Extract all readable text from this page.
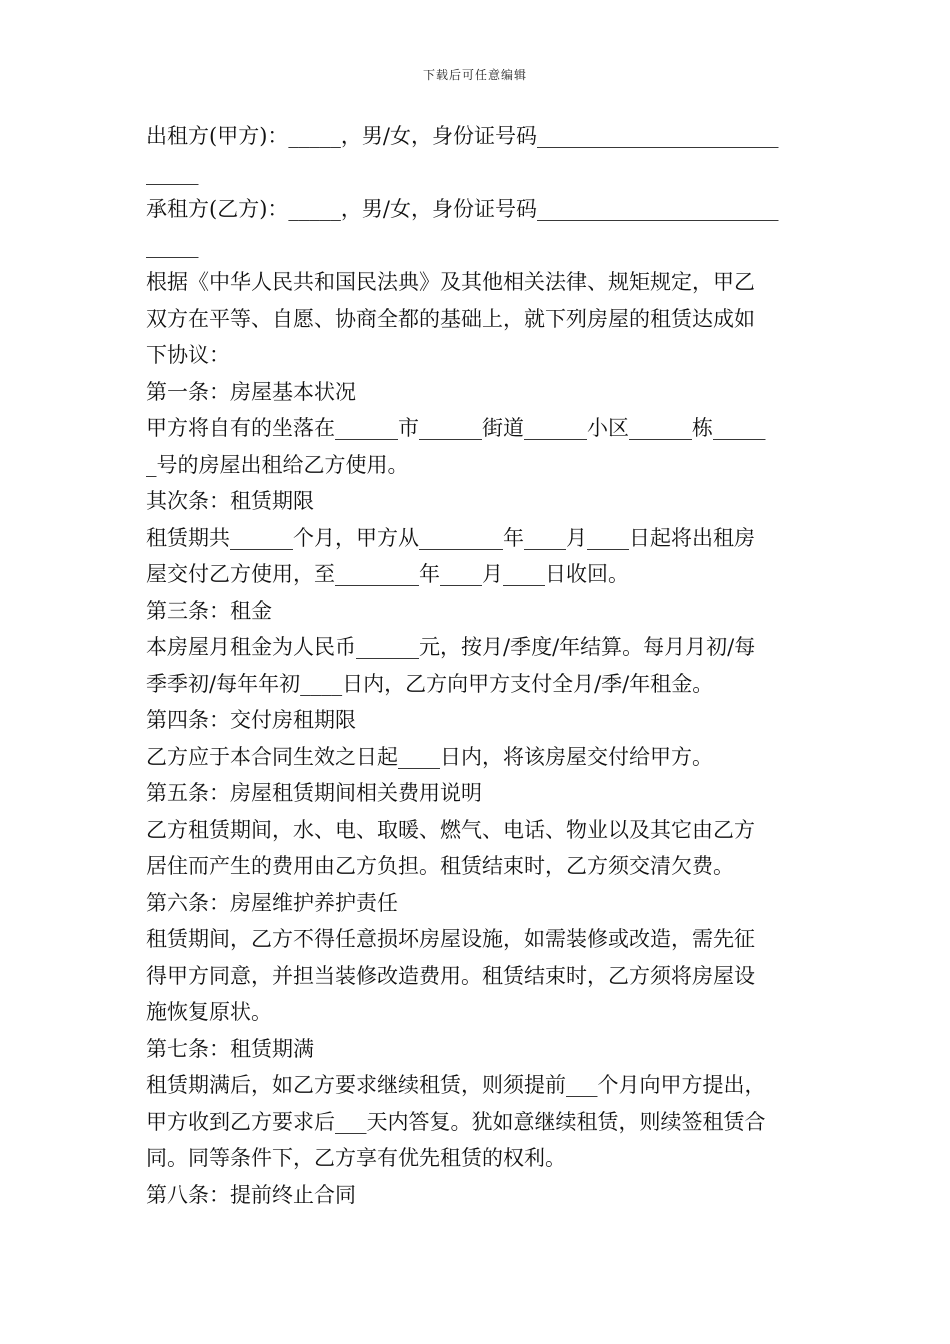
下载后可任意编辑
出租方(甲方)：_____，男/女，身份证号码_______________________
_____
承租方(乙方)：_____，男/女，身份证号码_______________________
_____
根据《中华人民共和国民法典》及其他相关法律、规矩规定，甲乙
双方在平等、自愿、协商全都的基础上，就下列房屋的租赁达成如
下协议：
第一条：房屋基本状况
甲方将自有的坐落在______市______街道______小区______栋_____
_号的房屋出租给乙方使用。
其次条：租赁期限
租赁期共______个月，甲方从________年____月____日起将出租房
屋交付乙方使用，至________年____月____日收回。
第三条：租金
本房屋月租金为人民币______元，按月/季度/年结算。每月月初/每
季季初/每年年初____日内，乙方向甲方支付全月/季/年租金。
第四条：交付房租期限
乙方应于本合同生效之日起____日内，将该房屋交付给甲方。
第五条：房屋租赁期间相关费用说明
乙方租赁期间，水、电、取暖、燃气、电话、物业以及其它由乙方
居住而产生的费用由乙方负担。租赁结束时，乙方须交清欠费。
第六条：房屋维护养护责任
租赁期间，乙方不得任意损坏房屋设施，如需装修或改造，需先征
得甲方同意，并担当装修改造费用。租赁结束时，乙方须将房屋设
施恢复原状。
第七条：租赁期满
租赁期满后，如乙方要求继续租赁，则须提前___个月向甲方提出，
甲方收到乙方要求后___天内答复。犹如意继续租赁，则续签租赁合
同。同等条件下，乙方享有优先租赁的权利。
第八条：提前终止合同
